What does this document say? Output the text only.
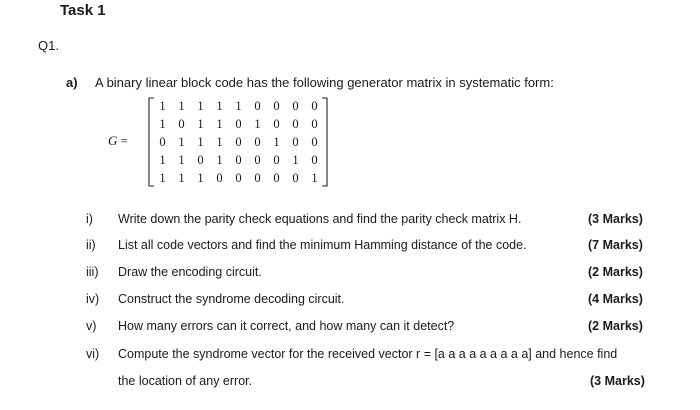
Task 1
Q1.
a) A binary linear block code has the following generator matrix in systematic form:
G =
1	1	1	1	1	0	0	0	0
1	0	1	1	0	1	0	0	0
0	1	1	1	0	0	1	0	0
1	1	0	1	0	0	0	1	0
1	1	1	0	0	0	0	0	1
i) Write down the parity check equations and find the parity check matrix H.	(3 Marks)
ii) List all code vectors and find the minimum Hamming distance of the code.	(7 Marks)
iii) Draw the encoding circuit.	(2 Marks)
iv) Construct the syndrome decoding circuit.	(4 Marks)
v) How many errors can it correct, and how many can it detect?	(2 Marks)
vi) Compute the syndrome vector for the received vector r = [a a a a a a a a a] and hence find
the location of any error.	(3 Marks)
